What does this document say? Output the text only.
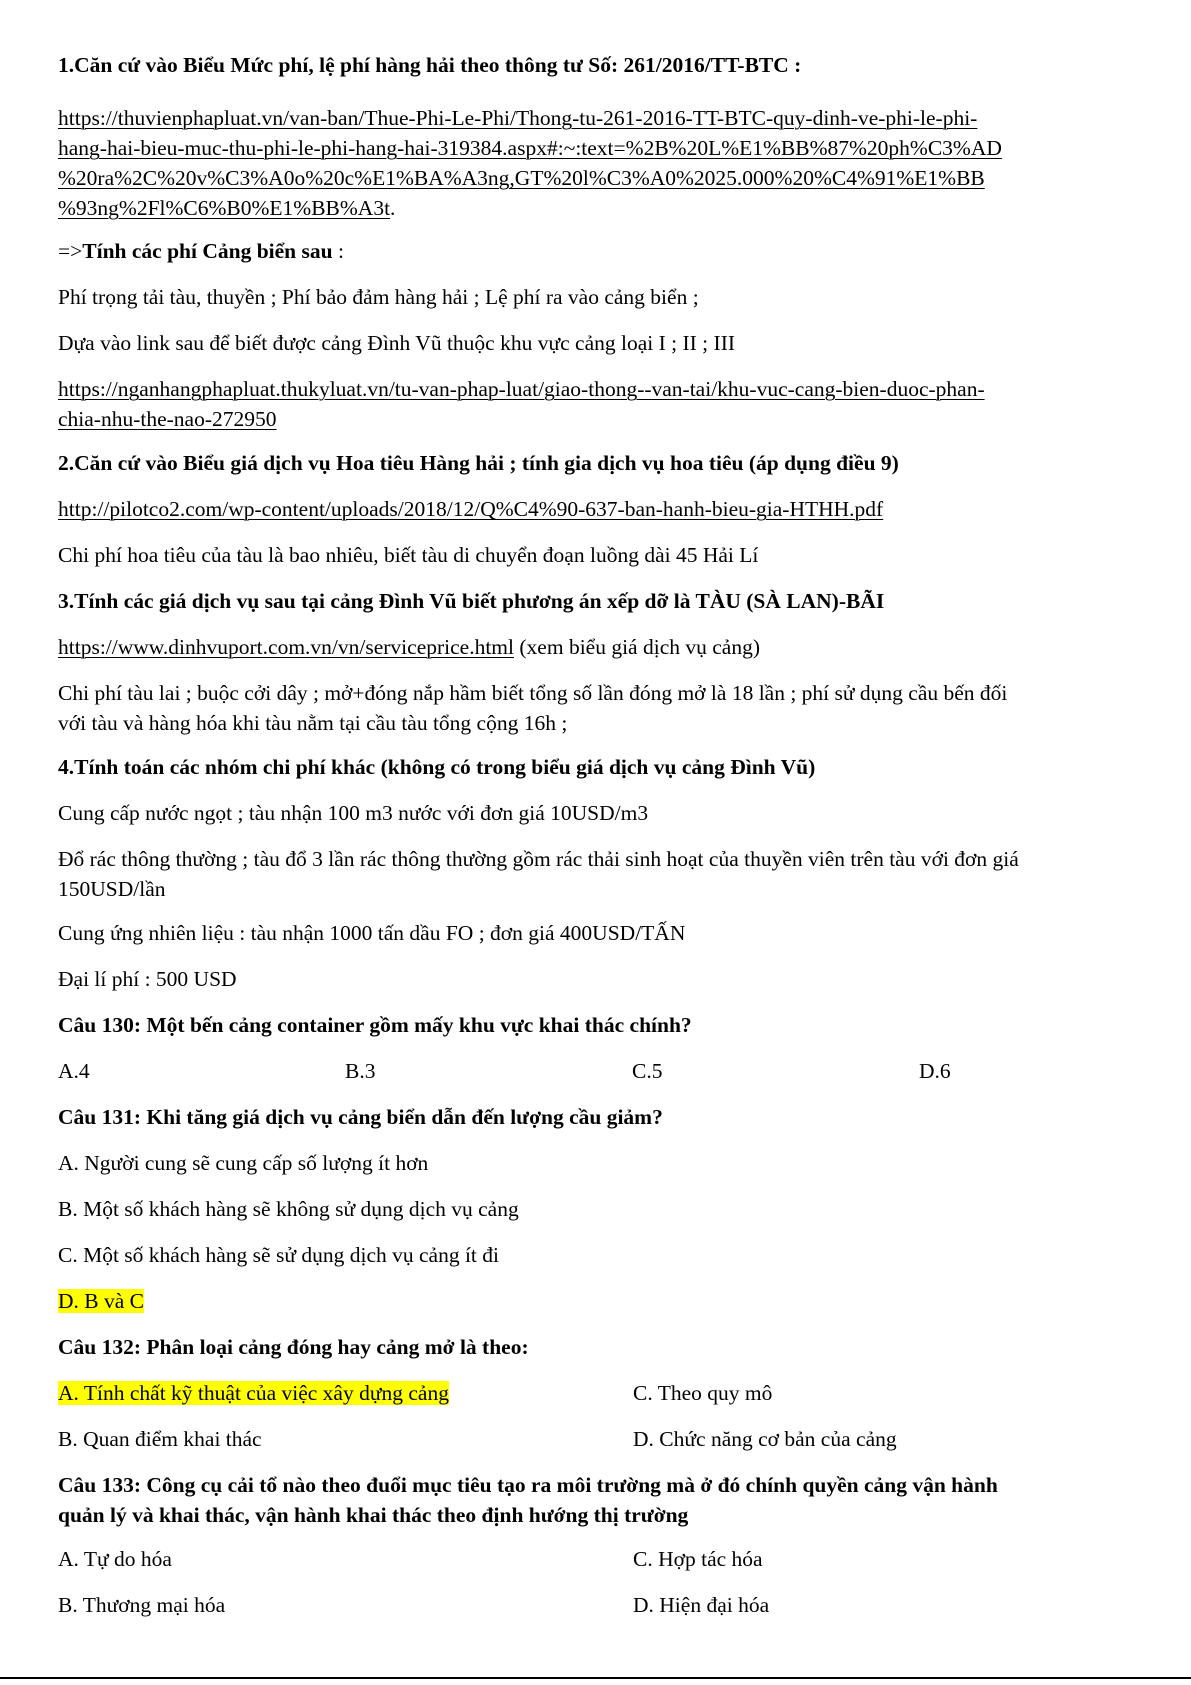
1.Căn cứ vào Biểu Mức phí, lệ phí hàng hải theo thông tư Số: 261/2016/TT-BTC :

https://thuvienphapluat.vn/van-ban/Thue-Phi-Le-Phi/Thong-tu-261-2016-TT-BTC-quy-dinh-ve-phi-le-phi-
hang-hai-bieu-muc-thu-phi-le-phi-hang-hai-319384.aspx#:~:text=%2B%20L%E1%BB%87%20ph%C3%AD
%20ra%2C%20v%C3%A0o%20c%E1%BA%A3ng,GT%20l%C3%A0%2025.000%20%C4%91%E1%BB
%93ng%2Fl%C6%B0%E1%BB%A3t.

=>Tính các phí Cảng biển sau :

Phí trọng tải tàu, thuyền ; Phí bảo đảm hàng hải ; Lệ phí ra vào cảng biển ;

Dựa vào link sau để biết được cảng Đình Vũ thuộc khu vực cảng loại I ; II ; III

https://nganhangphapluat.thukyluat.vn/tu-van-phap-luat/giao-thong--van-tai/khu-vuc-cang-bien-duoc-phan-
chia-nhu-the-nao-272950

2.Căn cứ vào Biểu giá dịch vụ Hoa tiêu Hàng hải ; tính gia dịch vụ hoa tiêu (áp dụng điều 9)

http://pilotco2.com/wp-content/uploads/2018/12/Q%C4%90-637-ban-hanh-bieu-gia-HTHH.pdf

Chi phí hoa tiêu của tàu là bao nhiêu, biết tàu di chuyển đoạn luồng dài 45 Hải Lí

3.Tính các giá dịch vụ sau tại cảng Đình Vũ biết phương án xếp dỡ là TÀU (SÀ LAN)-BÃI

https://www.dinhvuport.com.vn/vn/serviceprice.html (xem biểu giá dịch vụ cảng)

Chi phí tàu lai ; buộc cởi dây ; mở+đóng nắp hầm biết tổng số lần đóng mở là 18 lần ; phí sử dụng cầu bến đối
với tàu và hàng hóa khi tàu nằm tại cầu tàu tổng cộng 16h ;

4.Tính toán các nhóm chi phí khác (không có trong biểu giá dịch vụ cảng Đình Vũ)

Cung cấp nước ngọt ; tàu nhận 100 m3 nước với đơn giá 10USD/m3

Đổ rác thông thường ; tàu đổ 3 lần rác thông thường gồm rác thải sinh hoạt của thuyền viên trên tàu với đơn giá
150USD/lần

Cung ứng nhiên liệu : tàu nhận 1000 tấn dầu FO ; đơn giá 400USD/TẤN

Đại lí phí : 500 USD

Câu 130: Một bến cảng container gồm mấy khu vực khai thác chính?

A.4	B.3	C.5	D.6

Câu 131: Khi tăng giá dịch vụ cảng biển dẫn đến lượng cầu giảm?

A. Người cung sẽ cung cấp số lượng ít hơn

B. Một số khách hàng sẽ không sử dụng dịch vụ cảng

C. Một số khách hàng sẽ sử dụng dịch vụ cảng ít đi

D. B và C

Câu 132: Phân loại cảng đóng hay cảng mở là theo:

A. Tính chất kỹ thuật của việc xây dựng cảng	C. Theo quy mô
B. Quan điểm khai thác	D. Chức năng cơ bản của cảng

Câu 133: Công cụ cải tổ nào theo đuổi mục tiêu tạo ra môi trường mà ở đó chính quyền cảng vận hành
quản lý và khai thác, vận hành khai thác theo định hướng thị trường

A. Tự do hóa	C. Hợp tác hóa
B. Thương mại hóa	D. Hiện đại hóa
